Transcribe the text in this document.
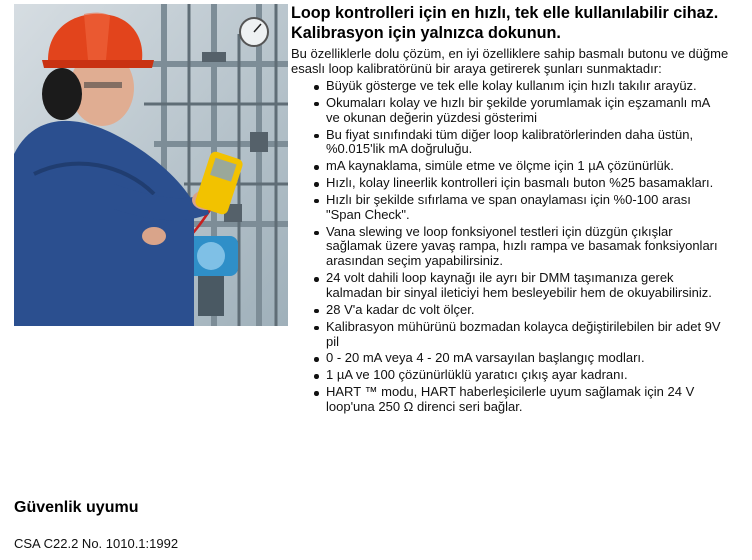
Loop kontrolleri için en hızlı, tek elle kullanılabilir cihaz. Kalibrasyon için yalnızca dokunun.

Bu özelliklerle dolu çözüm, en iyi özelliklere sahip basmalı butonu ve düğme esaslı loop kalibratörünü bir araya getirerek şunları sunmaktadır:

Büyük gösterge ve tek elle kolay kullanım için hızlı takılır arayüz.
Okumaları kolay ve hızlı bir şekilde yorumlamak için eşzamanlı mA ve okunan değerin yüzdesi gösterimi
Bu fiyat sınıfındaki tüm diğer loop kalibratörlerinden daha üstün, %0.015'lik mA doğruluğu.
mA kaynaklama, simüle etme ve ölçme için 1 µA çözünürlük.
Hızlı, kolay lineerlik kontrolleri için basmalı buton %25 basamakları.
Hızlı bir şekilde sıfırlama ve span onaylaması için %0-100 arası "Span Check".
Vana slewing ve loop fonksiyonel testleri için düzgün çıkışlar sağlamak üzere yavaş rampa, hızlı rampa ve basamak fonksiyonları arasından seçim yapabilirsiniz.
24 volt dahili loop kaynağı ile ayrı bir DMM taşımanıza gerek kalmadan bir sinyal ileticiyi hem besleyebilir hem de okuyabilirsiniz.
28 V'a kadar dc volt ölçer.
Kalibrasyon mühürünü bozmadan kolayca değiştirilebilen bir adet 9V pil
0 - 20 mA veya 4 - 20 mA varsayılan başlangıç modları.
1 µA ve 100 çözünürlüklü yaratıcı çıkış ayar kadranı.
HART ™ modu, HART haberleşicilerle uyum sağlamak için 24 V loop'una 250 Ω direnci seri bağlar.
Güvenlik uyumu

CSA C22.2 No. 1010.1:1992
